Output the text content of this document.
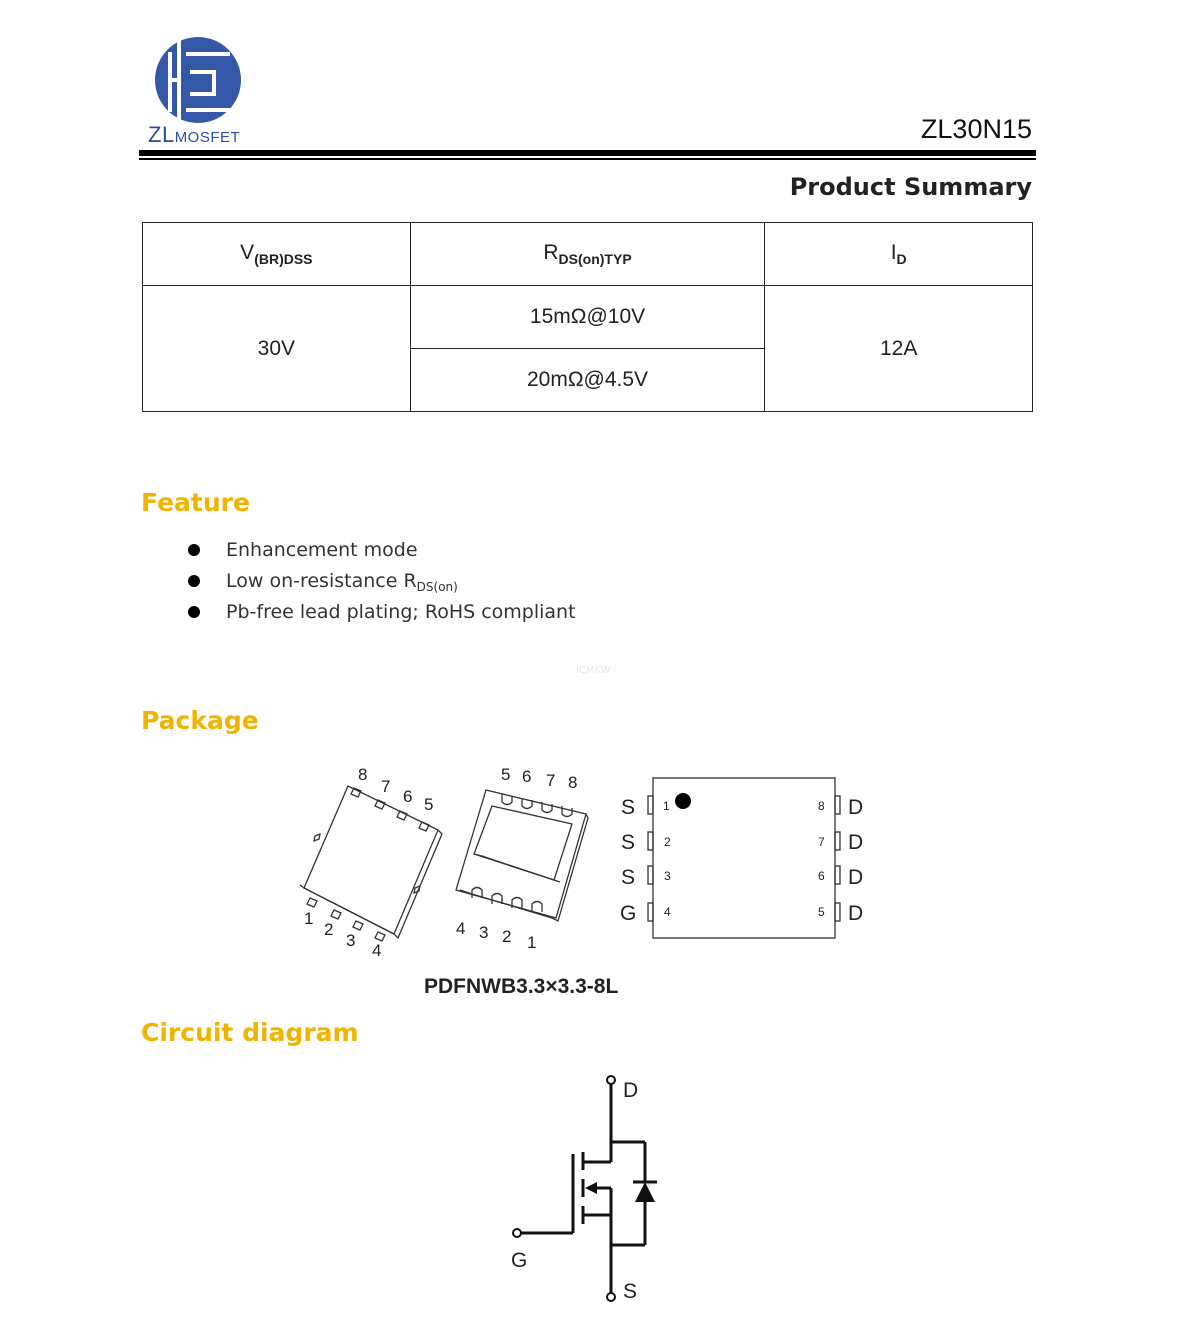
ZLMOSFET	ZL30N15
Product Summary
$V_{(BR)DSS}$	$R_{DS(on)TYP}$	$I_D$
30V	15mΩ@10V	12A
	20mΩ@4.5V	
Feature
Enhancement mode
Low on-resistance $R_{DS(on)}$
Pb-free lead plating; RoHS compliant
ICMKW
Package
8
7
6 5
1
2
3
4
5 6 7 8
4 3 2 1
S 1
S 2
S 3
G 4
8 D
7 D
6 D
5 D
PDFNWB3.3×3.3-8L
Circuit diagram
D
G
S
